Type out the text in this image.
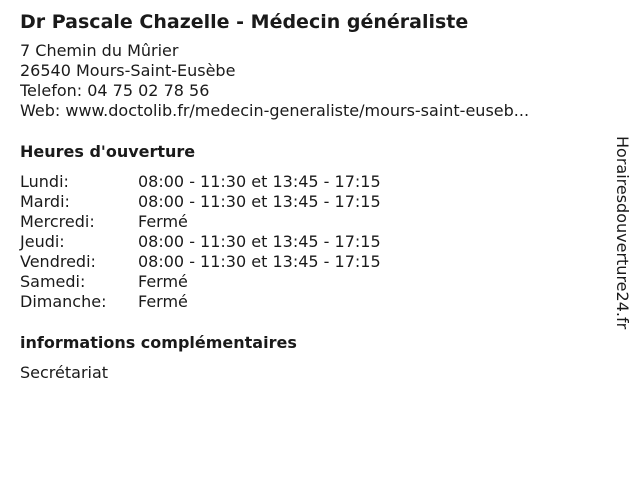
Dr Pascale Chazelle - Médecin généraliste
7 Chemin du Mûrier
26540 Mours-Saint-Eusèbe
Telefon: 04 75 02 78 56
Web: www.doctolib.fr/medecin-generaliste/mours-saint-euseb...
Heures d'ouverture
Lundi:	08:00 - 11:30 et 13:45 - 17:15
Mardi:	08:00 - 11:30 et 13:45 - 17:15
Mercredi:	Fermé
Jeudi:	08:00 - 11:30 et 13:45 - 17:15
Vendredi:	08:00 - 11:30 et 13:45 - 17:15
Samedi:	Fermé
Dimanche:	Fermé
informations complémentaires
Secrétariat
Horairesdouverture24.fr
